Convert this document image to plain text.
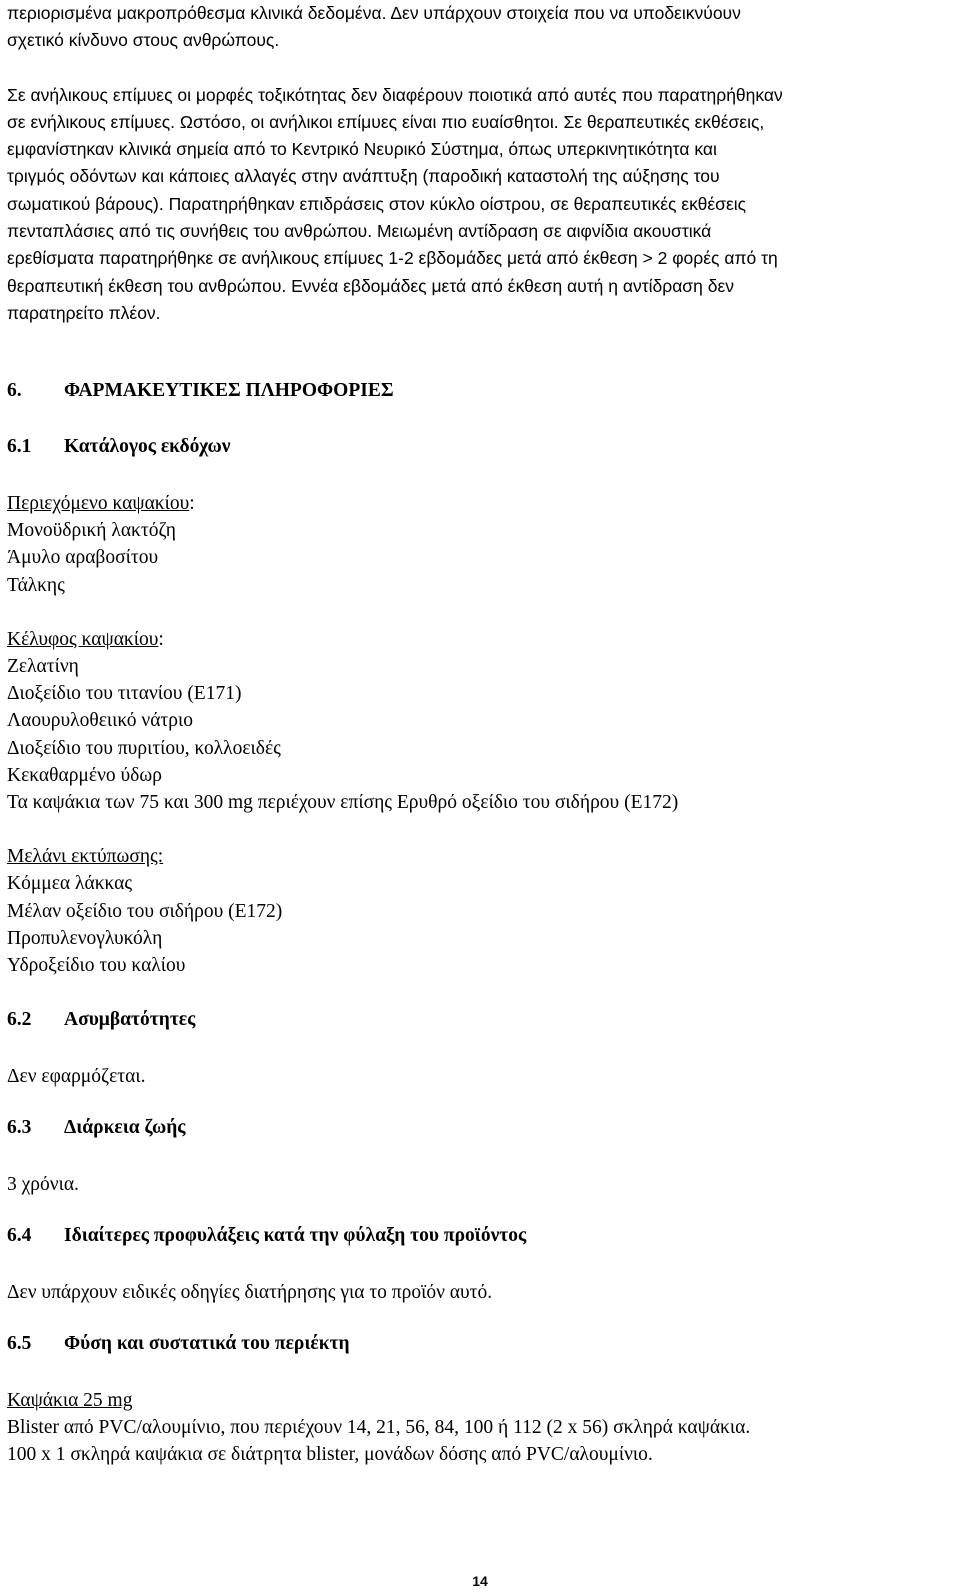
περιορισμένα μακροπρόθεσμα κλινικά δεδομένα. Δεν υπάρχουν στοιχεία που να υποδεικνύουν

σχετικό κίνδυνο στους ανθρώπους.

Σε ανήλικους επίμυες οι μορφές τοξικότητας δεν διαφέρουν ποιοτικά από αυτές που παρατηρήθηκαν

σε ενήλικους επίμυες. Ωστόσο, οι ανήλικοι επίμυες είναι πιο ευαίσθητοι. Σε θεραπευτικές εκθέσεις,

εμφανίστηκαν κλινικά σημεία από το Κεντρικό Νευρικό Σύστημα, όπως υπερκινητικότητα και

τριγμός οδόντων και κάποιες αλλαγές στην ανάπτυξη (παροδική καταστολή της αύξησης του

σωματικού βάρους). Παρατηρήθηκαν επιδράσεις στον κύκλο οίστρου, σε θεραπευτικές εκθέσεις

πενταπλάσιες από τις συνήθεις του ανθρώπου. Μειωμένη αντίδραση σε αιφνίδια ακουστικά

ερεθίσματα παρατηρήθηκε σε ανήλικους επίμυες 1-2 εβδομάδες μετά από έκθεση > 2 φορές από τη

θεραπευτική έκθεση του ανθρώπου. Εννέα εβδομάδες μετά από έκθεση αυτή η αντίδραση δεν

παρατηρείτο πλέον.

6.	ΦΑΡΜΑΚΕΥΤΙΚΕΣ ΠΛΗΡΟΦΟΡΙΕΣ
6.1	Κατάλογος εκδόχων
Περιεχόμενο καψακίου:
Μονοϋδρική λακτόζη
Άμυλο αραβοσίτου
Τάλκης
Κέλυφος καψακίου:
Ζελατίνη
Διοξείδιο του τιτανίου (Ε171)
Λαουρυλοθειικό νάτριο
Διοξείδιο του πυριτίου, κολλοειδές
Κεκαθαρμένο ύδωρ
Τα καψάκια των 75 και 300 mg περιέχουν επίσης Ερυθρό οξείδιο του σιδήρου (Ε172)
Μελάνι εκτύπωσης:
Κόμμεα λάκκας
Μέλαν οξείδιο του σιδήρου (Ε172)
Προπυλενογλυκόλη
Υδροξείδιο του καλίου
6.2	Ασυμβατότητες
Δεν εφαρμόζεται.
6.3	Διάρκεια ζωής
3 χρόνια.
6.4	Ιδιαίτερες προφυλάξεις κατά την φύλαξη του προϊόντος
Δεν υπάρχουν ειδικές οδηγίες διατήρησης για το προϊόν αυτό.
6.5	Φύση και συστατικά του περιέκτη
Καψάκια 25 mg
Blister από PVC/αλουμίνιο, που περιέχουν 14, 21, 56, 84, 100 ή 112 (2 x 56) σκληρά καψάκια.
100 x 1 σκληρά καψάκια σε διάτρητα blister, μονάδων δόσης από PVC/αλουμίνιο.
14
